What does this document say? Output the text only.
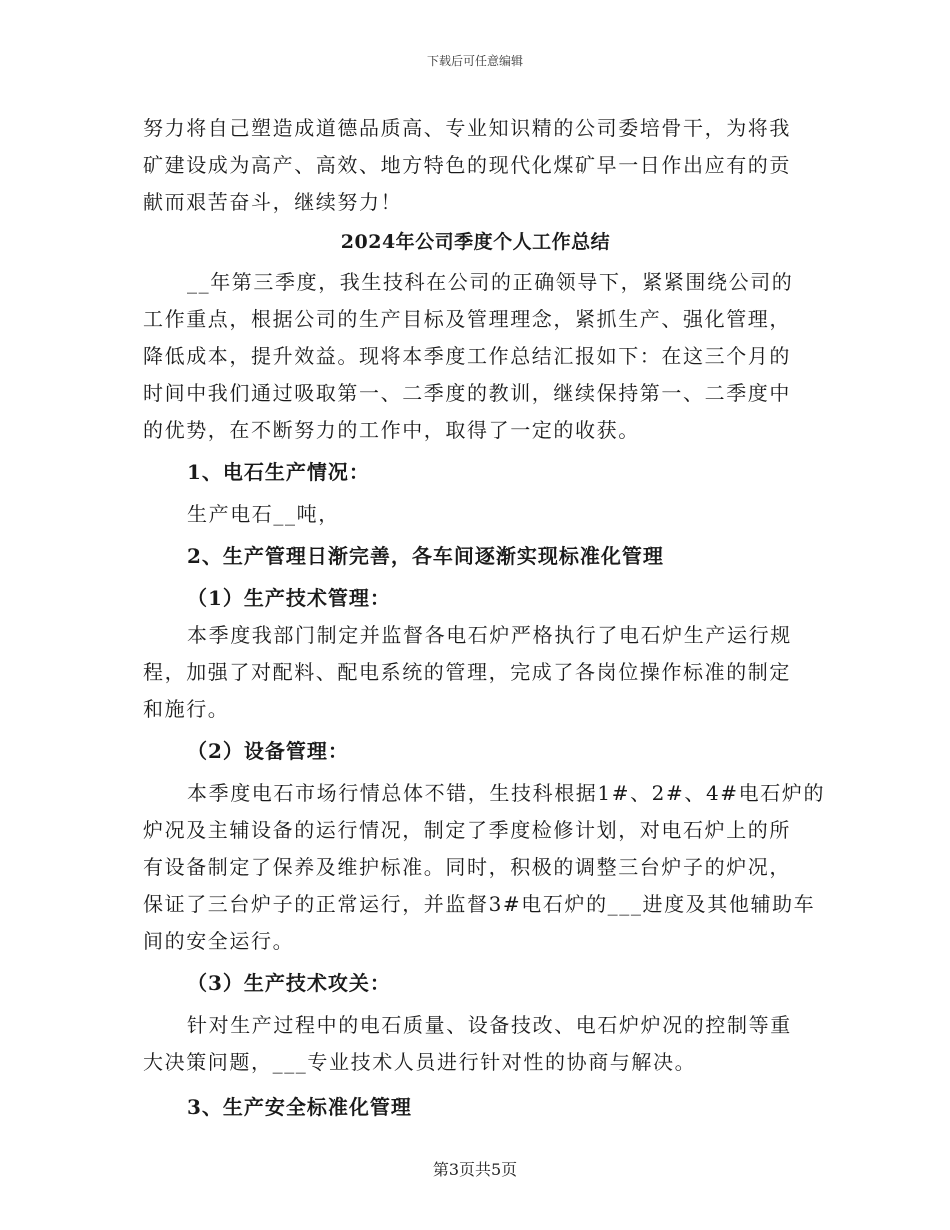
下载后可任意编辑
努力将自己塑造成道德品质高、专业知识精的公司委培骨干，为将我
矿建设成为高产、高效、地方特色的现代化煤矿早一日作出应有的贡
献而艰苦奋斗，继续努力！
2024年公司季度个人工作总结
__年第三季度，我生技科在公司的正确领导下，紧紧围绕公司的
工作重点，根据公司的生产目标及管理理念，紧抓生产、强化管理，
降低成本，提升效益。现将本季度工作总结汇报如下：在这三个月的
时间中我们通过吸取第一、二季度的教训，继续保持第一、二季度中
的优势，在不断努力的工作中，取得了一定的收获。
1、电石生产情况：
生产电石__吨，
2、生产管理日渐完善，各车间逐渐实现标准化管理
（1）生产技术管理：
本季度我部门制定并监督各电石炉严格执行了电石炉生产运行规
程，加强了对配料、配电系统的管理，完成了各岗位操作标准的制定
和施行。
（2）设备管理：
本季度电石市场行情总体不错，生技科根据1#、2#、4#电石炉的
炉况及主辅设备的运行情况，制定了季度检修计划，对电石炉上的所
有设备制定了保养及维护标准。同时，积极的调整三台炉子的炉况，
保证了三台炉子的正常运行，并监督3#电石炉的___进度及其他辅助车
间的安全运行。
（3）生产技术攻关：
针对生产过程中的电石质量、设备技改、电石炉炉况的控制等重
大决策问题，___专业技术人员进行针对性的协商与解决。
3、生产安全标准化管理
第3页共5页
